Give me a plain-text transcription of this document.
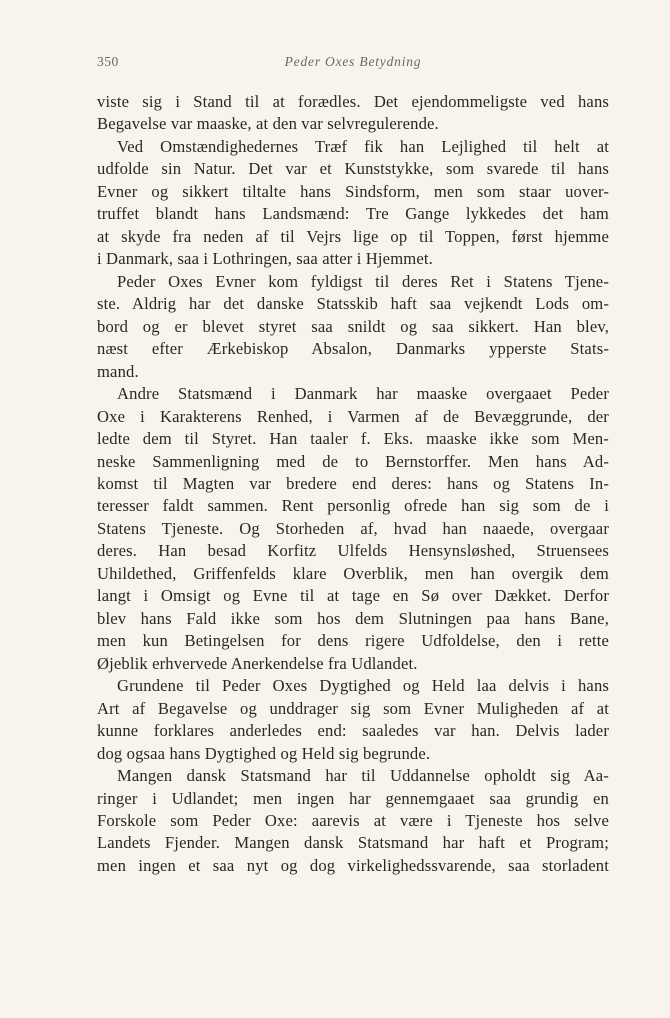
350	Peder Oxes Betydning

viste sig i Stand til at forædles. Det ejendommeligste ved hans
Begavelse var maaske, at den var selvregulerende.

Ved Omstændighedernes Træf fik han Lejlighed til helt at
udfolde sin Natur. Det var et Kunststykke, som svarede til hans
Evner og sikkert tiltalte hans Sindsform, men som staar uover-
truffet blandt hans Landsmænd: Tre Gange lykkedes det ham
at skyde fra neden af til Vejrs lige op til Toppen, først hjemme
i Danmark, saa i Lothringen, saa atter i Hjemmet.

Peder Oxes Evner kom fyldigst til deres Ret i Statens Tjene-
ste. Aldrig har det danske Statsskib haft saa vejkendt Lods om-
bord og er blevet styret saa snildt og saa sikkert. Han blev,
næst efter Ærkebiskop Absalon, Danmarks ypperste Stats-
mand.

Andre Statsmænd i Danmark har maaske overgaaet Peder
Oxe i Karakterens Renhed, i Varmen af de Bevæggrunde, der
ledte dem til Styret. Han taaler f. Eks. maaske ikke som Men-
neske Sammenligning med de to Bernstorffer. Men hans Ad-
komst til Magten var bredere end deres: hans og Statens In-
teresser faldt sammen. Rent personlig ofrede han sig som de i
Statens Tjeneste. Og Storheden af, hvad han naaede, overgaar
deres. Han besad Korfitz Ulfelds Hensynsløshed, Struensees
Uhildethed, Griffenfelds klare Overblik, men han overgik dem
langt i Omsigt og Evne til at tage en Sø over Dækket. Derfor
blev hans Fald ikke som hos dem Slutningen paa hans Bane,
men kun Betingelsen for dens rigere Udfoldelse, den i rette
Øjeblik erhvervede Anerkendelse fra Udlandet.

Grundene til Peder Oxes Dygtighed og Held laa delvis i hans
Art af Begavelse og unddrager sig som Evner Muligheden af at
kunne forklares anderledes end: saaledes var han. Delvis lader
dog ogsaa hans Dygtighed og Held sig begrunde.

Mangen dansk Statsmand har til Uddannelse opholdt sig Aa-
ringer i Udlandet; men ingen har gennemgaaet saa grundig en
Forskole som Peder Oxe: aarevis at være i Tjeneste hos selve
Landets Fjender. Mangen dansk Statsmand har haft et Program;
men ingen et saa nyt og dog virkelighedssvarende, saa storladent
